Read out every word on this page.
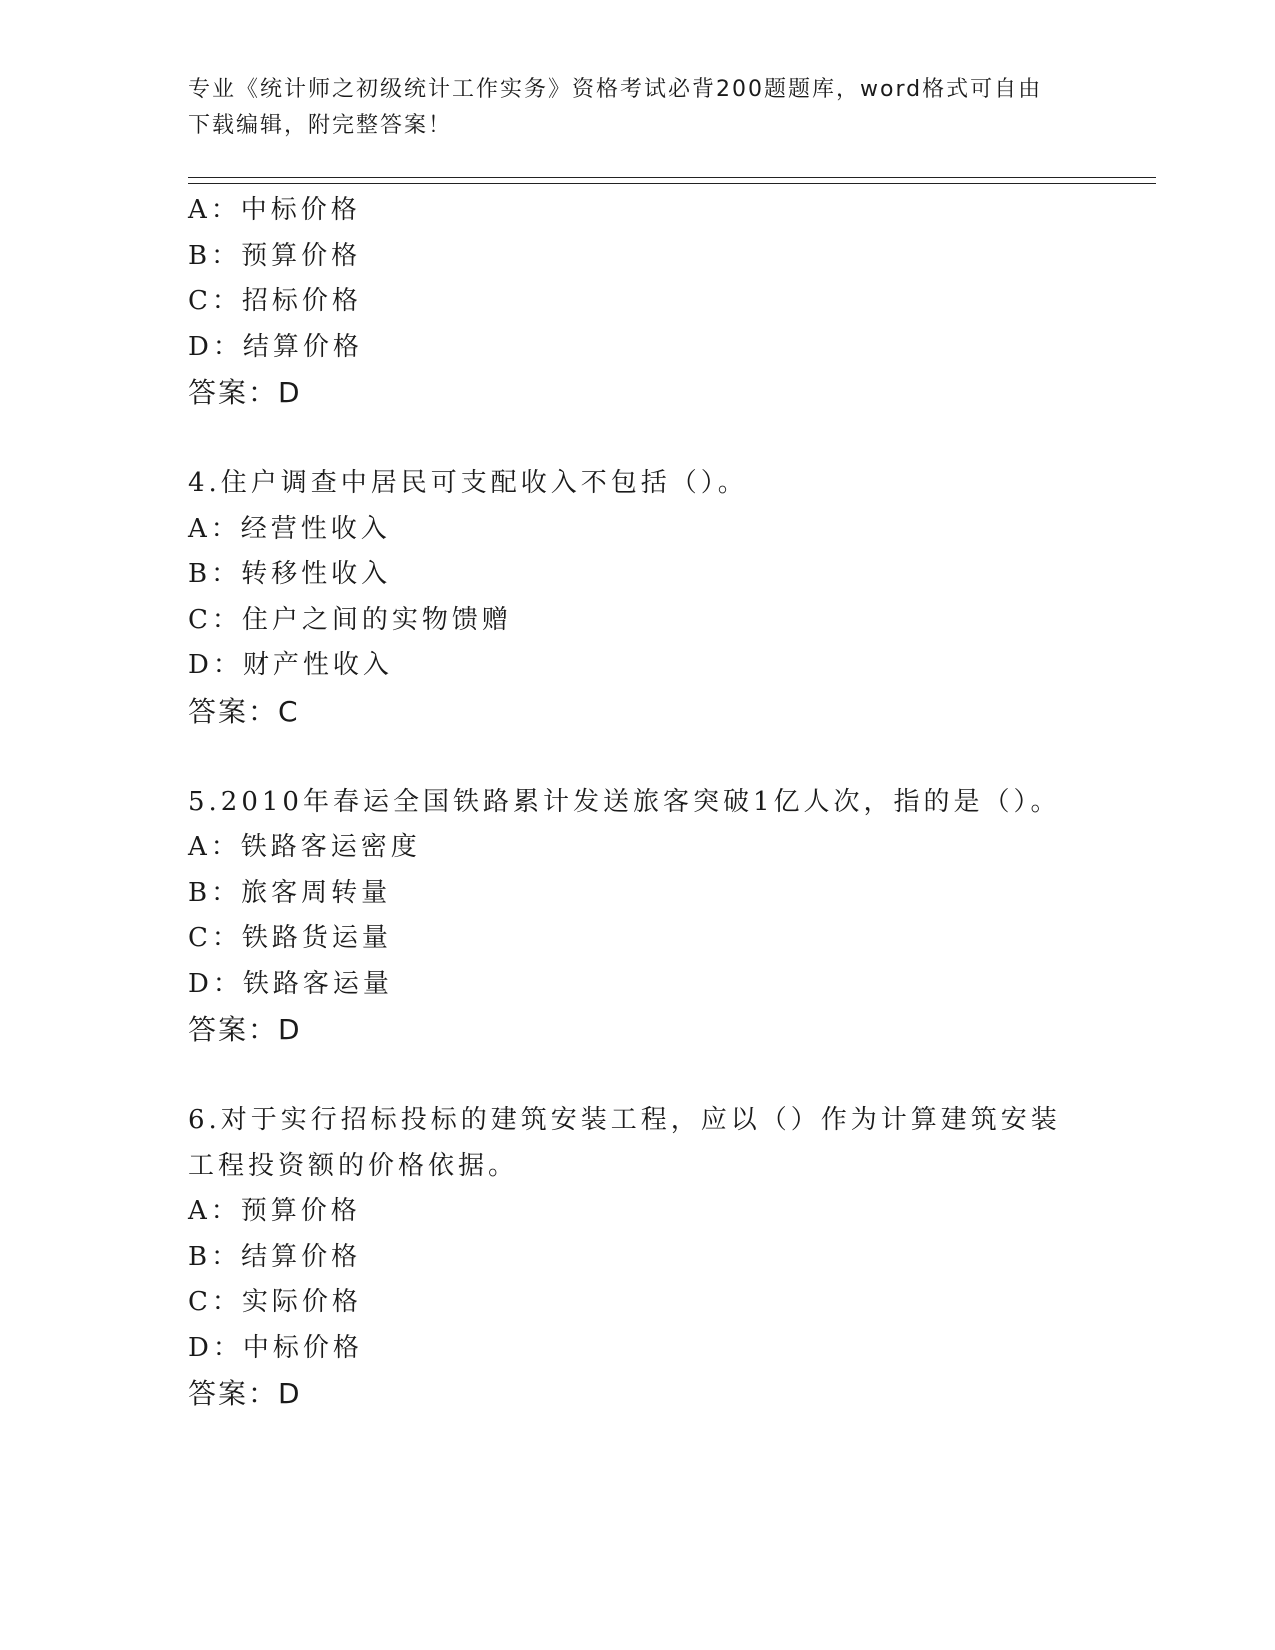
专业《统计师之初级统计工作实务》资格考试必背200题题库，word格式可自由
下载编辑，附完整答案！
A：中标价格
B：预算价格
C：招标价格
D：结算价格
答案：D
4.住户调查中居民可支配收入不包括（）。
A：经营性收入
B：转移性收入
C：住户之间的实物馈赠
D：财产性收入
答案：C
5.2010年春运全国铁路累计发送旅客突破1亿人次，指的是（）。
A：铁路客运密度
B：旅客周转量
C：铁路货运量
D：铁路客运量
答案：D
6.对于实行招标投标的建筑安装工程，应以（）作为计算建筑安装工程投资额的价格依据。
A：预算价格
B：结算价格
C：实际价格
D：中标价格
答案：D
